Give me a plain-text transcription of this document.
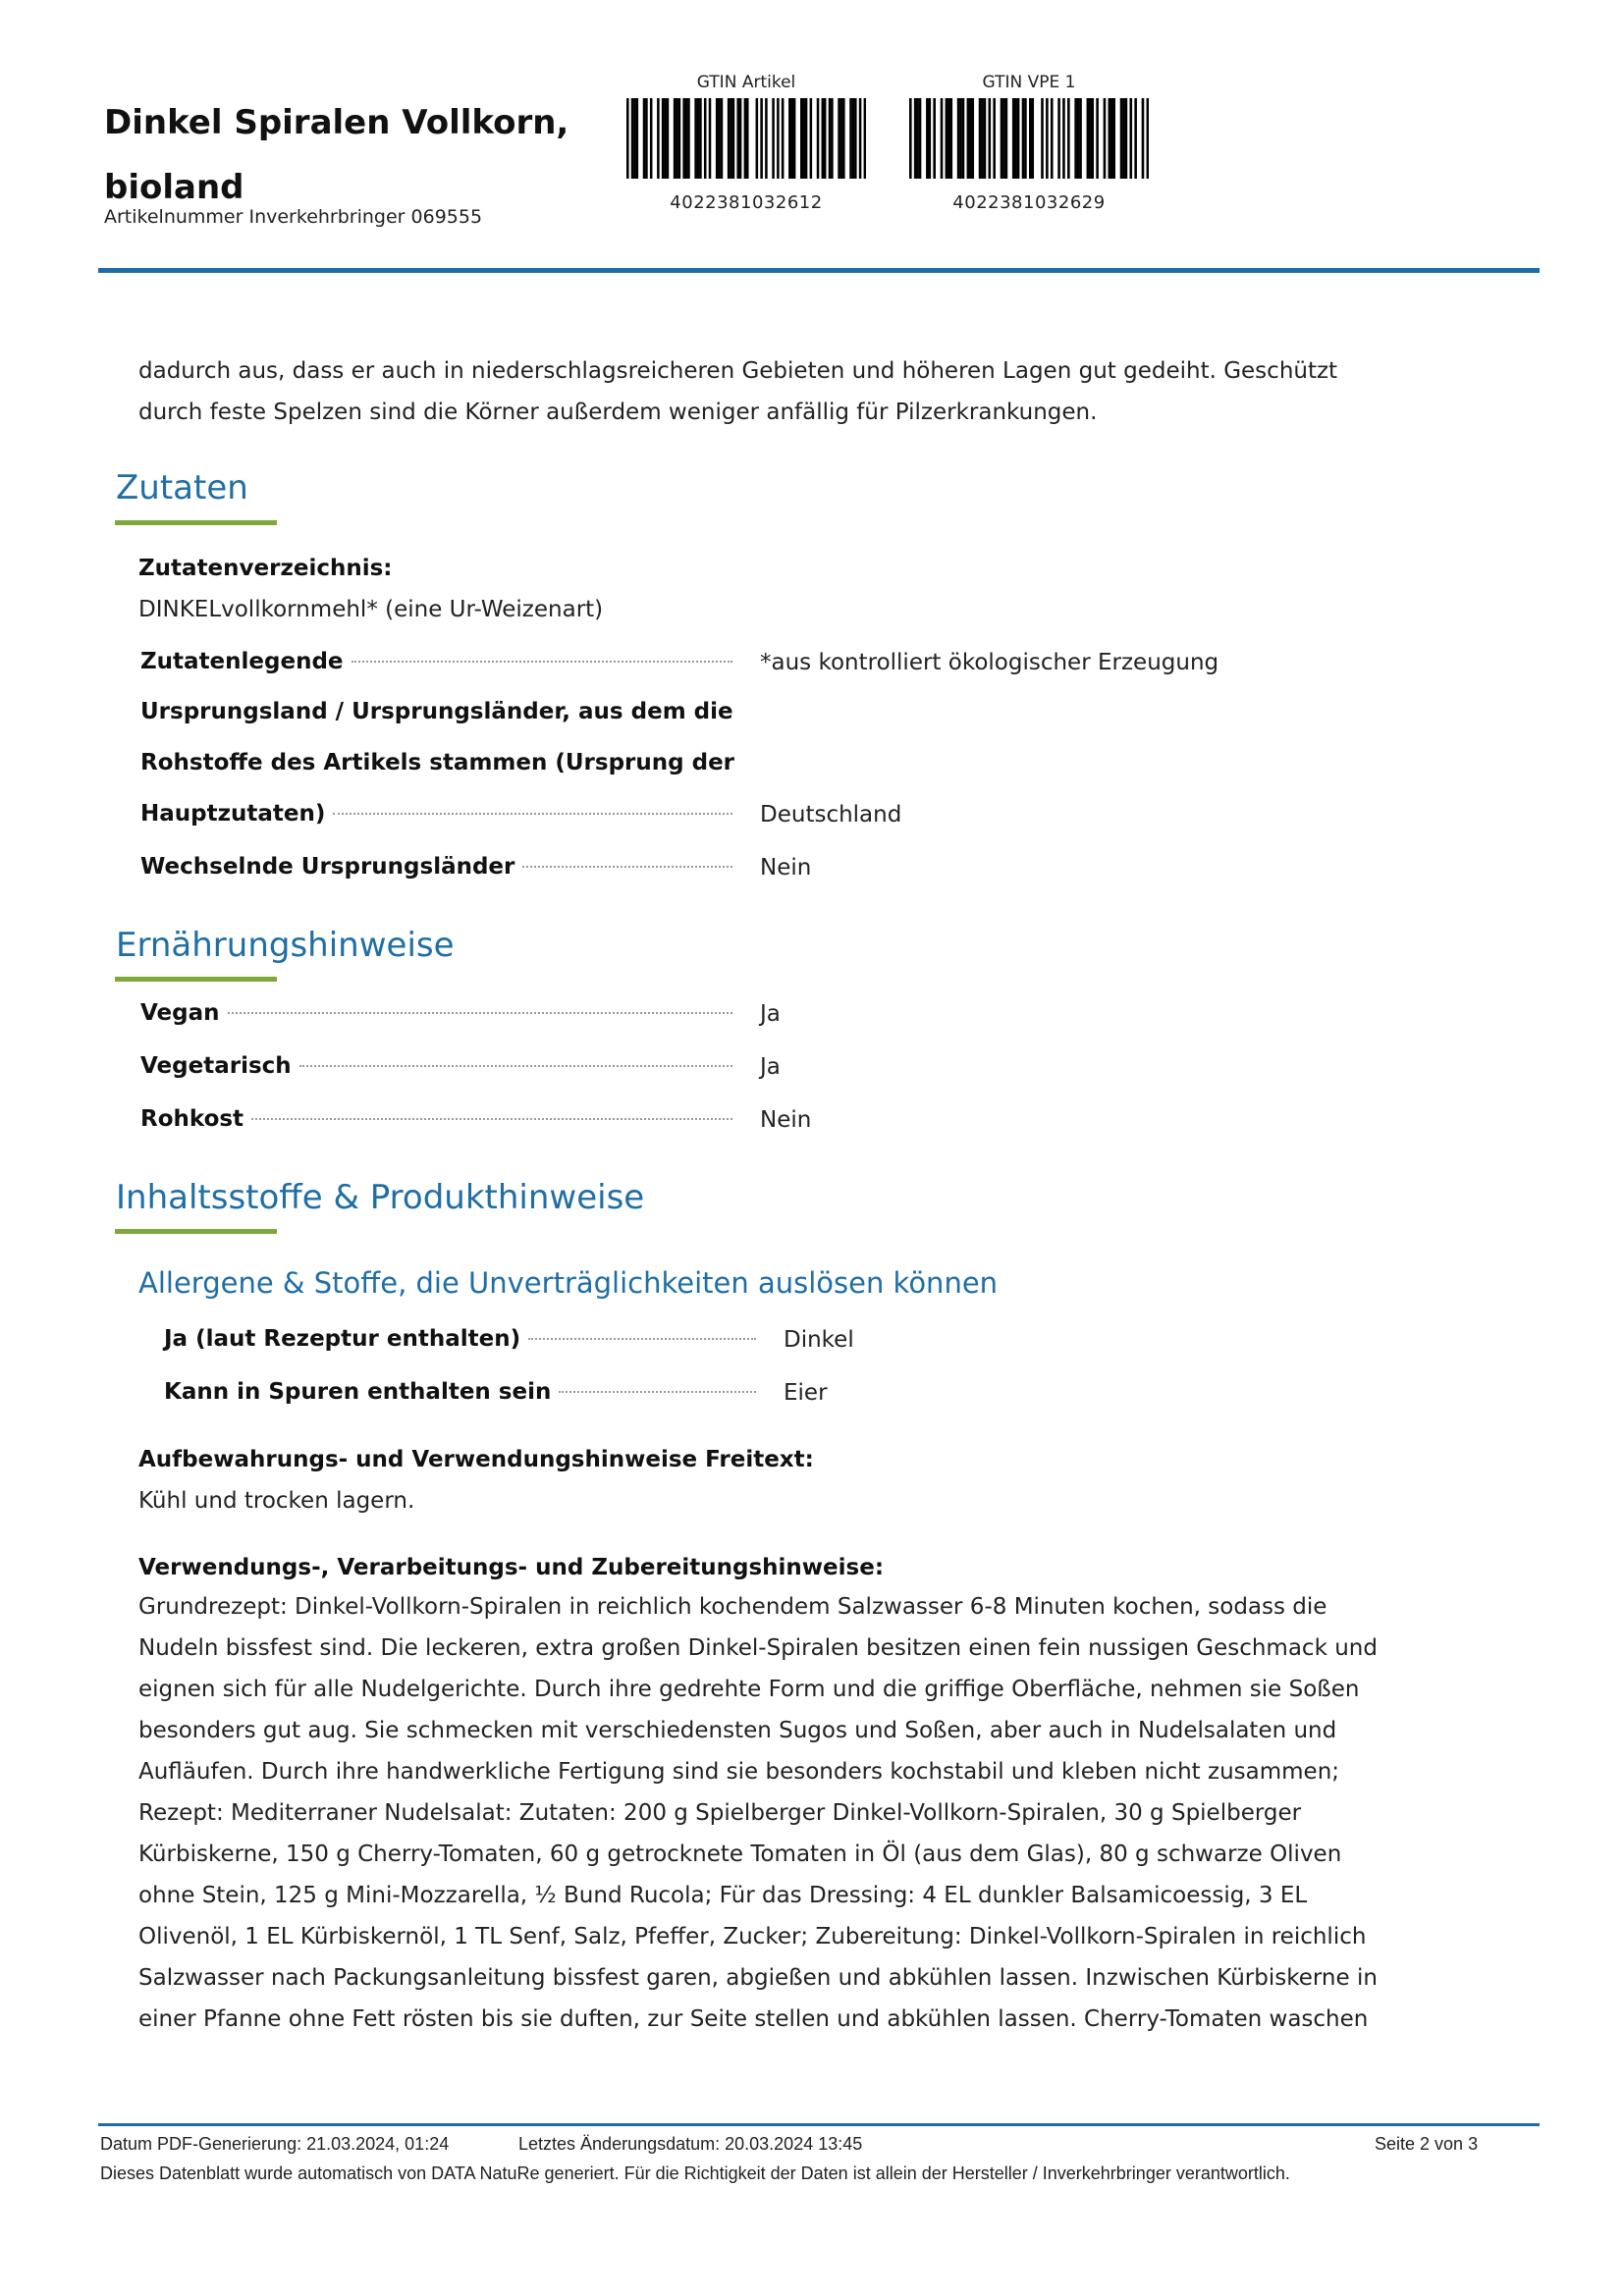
Dinkel Spiralen Vollkorn, bioland
Artikelnummer Inverkehrbringer 069555
GTIN Artikel
4022381032612
GTIN VPE 1
4022381032629
dadurch aus, dass er auch in niederschlagsreicheren Gebieten und höheren Lagen gut gedeiht. Geschützt
durch feste Spelzen sind die Körner außerdem weniger anfällig für Pilzerkrankungen.
Zutaten
Zutatenverzeichnis:
DINKELvollkornmehl* (eine Ur-Weizenart)
Zutatenlegende	*aus kontrolliert ökologischer Erzeugung
Ursprungsland / Ursprungsländer, aus dem die
Rohstoffe des Artikels stammen (Ursprung der
Hauptzutaten)	Deutschland
Wechselnde Ursprungsländer	Nein
Ernährungshinweise
Vegan	Ja
Vegetarisch	Ja
Rohkost	Nein
Inhaltsstoffe & Produkthinweise
Allergene & Stoffe, die Unverträglichkeiten auslösen können
Ja (laut Rezeptur enthalten)	Dinkel
Kann in Spuren enthalten sein	Eier
Aufbewahrungs- und Verwendungshinweise Freitext:
Kühl und trocken lagern.
Verwendungs-, Verarbeitungs- und Zubereitungshinweise:
Grundrezept: Dinkel-Vollkorn-Spiralen in reichlich kochendem Salzwasser 6-8 Minuten kochen, sodass die
Nudeln bissfest sind. Die leckeren, extra großen Dinkel-Spiralen besitzen einen fein nussigen Geschmack und
eignen sich für alle Nudelgerichte. Durch ihre gedrehte Form und die griffige Oberfläche, nehmen sie Soßen
besonders gut aug. Sie schmecken mit verschiedensten Sugos und Soßen, aber auch in Nudelsalaten und
Aufläufen. Durch ihre handwerkliche Fertigung sind sie besonders kochstabil und kleben nicht zusammen;
Rezept: Mediterraner Nudelsalat: Zutaten: 200 g Spielberger Dinkel-Vollkorn-Spiralen, 30 g Spielberger
Kürbiskerne, 150 g Cherry-Tomaten, 60 g getrocknete Tomaten in Öl (aus dem Glas), 80 g schwarze Oliven
ohne Stein, 125 g Mini-Mozzarella, ½ Bund Rucola; Für das Dressing: 4 EL dunkler Balsamicoessig, 3 EL
Olivenöl, 1 EL Kürbiskernöl, 1 TL Senf, Salz, Pfeffer, Zucker; Zubereitung: Dinkel-Vollkorn-Spiralen in reichlich
Salzwasser nach Packungsanleitung bissfest garen, abgießen und abkühlen lassen. Inzwischen Kürbiskerne in
einer Pfanne ohne Fett rösten bis sie duften, zur Seite stellen und abkühlen lassen. Cherry-Tomaten waschen
Datum PDF-Generierung: 21.03.2024, 01:24	Letztes Änderungsdatum: 20.03.2024 13:45	Seite 2 von 3
Dieses Datenblatt wurde automatisch von DATA NatuRe generiert. Für die Richtigkeit der Daten ist allein der Hersteller / Inverkehrbringer verantwortlich.
